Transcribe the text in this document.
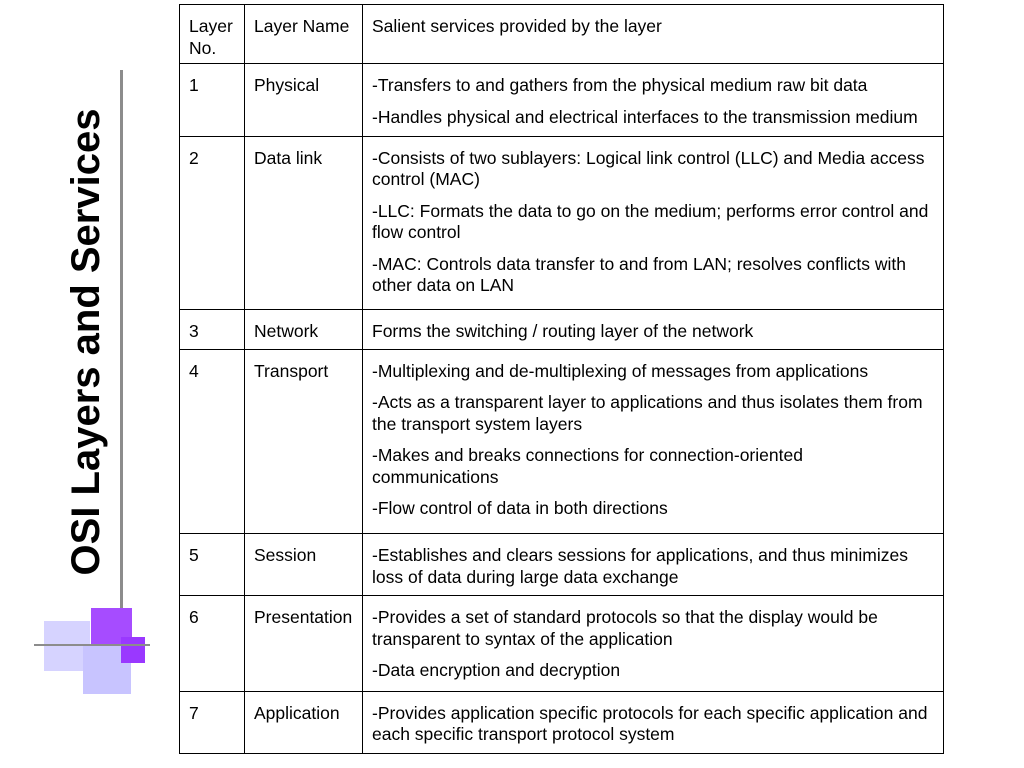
OSI Layers and Services
Layer No.	Layer Name	Salient services provided by the layer
1	Physical	-Transfers to and gathers from the physical medium raw bit data
-Handles physical and electrical interfaces to the transmission medium

2	Data link	-Consists of two sublayers: Logical link control (LLC) and Media access control (MAC)
-LLC: Formats the data to go on the medium; performs error control and flow control
-MAC: Controls data transfer to and from LAN; resolves conflicts with other data on LAN

3	Network	Forms the switching / routing layer of the network

4	Transport	-Multiplexing and de-multiplexing of messages from applications
-Acts as a transparent layer to applications and thus isolates them from the transport system layers
-Makes and breaks connections for connection-oriented communications
-Flow control of data in both directions

5	Session	-Establishes and clears sessions for applications, and thus minimizes loss of data during large data exchange

6	Presentation	-Provides a set of standard protocols so that the display would be transparent to syntax of the application
-Data encryption and decryption

7	Application	-Provides application specific protocols for each specific application and each specific transport protocol system
